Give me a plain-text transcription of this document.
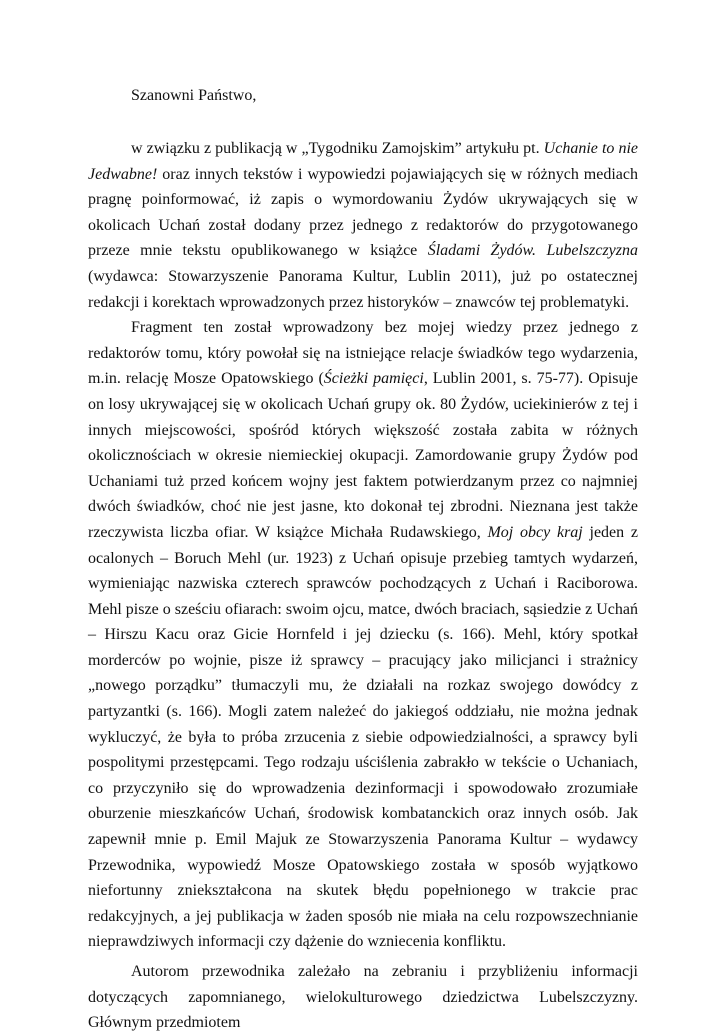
Szanowni Państwo,

w związku z publikacją w „Tygodniku Zamojskim” artykułu pt. Uchanie to nie Jedwabne! oraz innych tekstów i wypowiedzi pojawiających się w różnych mediach pragnę poinformować, iż zapis o wymordowaniu Żydów ukrywających się w okolicach Uchań został dodany przez jednego z redaktorów do przygotowanego przeze mnie tekstu opublikowanego w książce Śladami Żydów. Lubelszczyzna (wydawca: Stowarzyszenie Panorama Kultur, Lublin 2011), już po ostatecznej redakcji i korektach wprowadzonych przez historyków – znawców tej problematyki.

Fragment ten został wprowadzony bez mojej wiedzy przez jednego z redaktorów tomu, który powołał się na istniejące relacje świadków tego wydarzenia, m.in. relację Mosze Opatowskiego (Ścieżki pamięci, Lublin 2001, s. 75-77). Opisuje on losy ukrywającej się w okolicach Uchań grupy ok. 80 Żydów, uciekinierów z tej i innych miejscowości, spośród których większość została zabita w różnych okolicznościach w okresie niemieckiej okupacji. Zamordowanie grupy Żydów pod Uchaniami tuż przed końcem wojny jest faktem potwierdzanym przez co najmniej dwóch świadków, choć nie jest jasne, kto dokonał tej zbrodni. Nieznana jest także rzeczywista liczba ofiar. W książce Michała Rudawskiego, Moj obcy kraj jeden z ocalonych – Boruch Mehl (ur. 1923) z Uchań opisuje przebieg tamtych wydarzeń, wymieniając nazwiska czterech sprawców pochodzących z Uchań i Raciborowa. Mehl pisze o sześciu ofiarach: swoim ojcu, matce, dwóch braciach, sąsiedzie z Uchań – Hirszu Kacu oraz Gicie Hornfeld i jej dziecku (s. 166). Mehl, który spotkał morderców po wojnie, pisze iż sprawcy – pracujący jako milicjanci i strażnicy „nowego porządku” tłumaczyli mu, że działali na rozkaz swojego dowódcy z partyzantki (s. 166). Mogli zatem należeć do jakiegoś oddziału, nie można jednak wykluczyć, że była to próba zrzucenia z siebie odpowiedzialności, a sprawcy byli pospolitymi przestępcami. Tego rodzaju uściślenia zabrakło w tekście o Uchaniach, co przyczyniło się do wprowadzenia dezinformacji i spowodowało zrozumiałe oburzenie mieszkańców Uchań, środowisk kombatanckich oraz innych osób. Jak zapewnił mnie p. Emil Majuk ze Stowarzyszenia Panorama Kultur – wydawcy Przewodnika, wypowiedź Mosze Opatowskiego została w sposób wyjątkowo niefortunny zniekształcona na skutek błędu popełnionego w trakcie prac redakcyjnych, a jej publikacja w żaden sposób nie miała na celu rozpowszechnianie nieprawdziwych informacji czy dążenie do wzniecenia konfliktu.

Autorom przewodnika zależało na zebraniu i przybliżeniu informacji dotyczących zapomnianego, wielokulturowego dziedzictwa Lubelszczyzny. Głównym przedmiotem
